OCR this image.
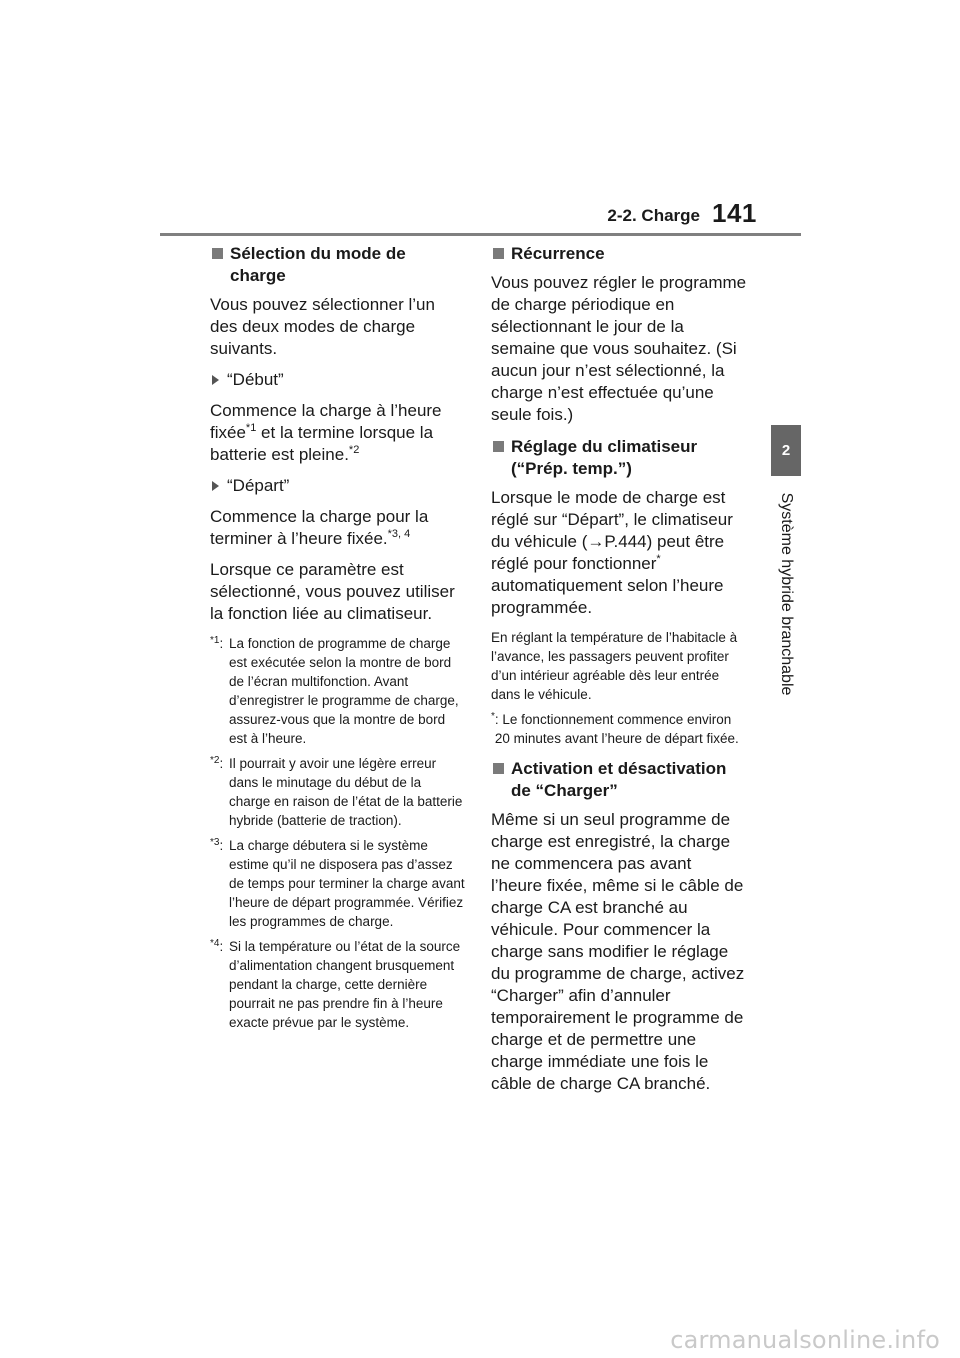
2-2. Charge 141
2
Système hybride branchable
Sélection du mode de charge

Vous pouvez sélectionner l’un des deux modes de charge suivants.

“Début”

Commence la charge à l’heure fixée$^{*1}$ et la termine lorsque la batterie est pleine.$^{*2}$

“Départ”

Commence la charge pour la terminer à l’heure fixée.$^{*3, 4}$

Lorsque ce paramètre est sélectionné, vous pouvez utiliser la fonction liée au climatiseur.

$^{*1}$: La fonction de programme de charge est exécutée selon la montre de bord de l’écran multifonction. Avant d’enregistrer le programme de charge, assurez-vous que la montre de bord est à l’heure.
$^{*2}$: Il pourrait y avoir une légère erreur dans le minutage du début de la charge en raison de l’état de la batterie hybride (batterie de traction).
$^{*3}$: La charge débutera si le système estime qu’il ne disposera pas d’assez de temps pour terminer la charge avant l’heure de départ programmée. Vérifiez les programmes de charge.
$^{*4}$: Si la température ou l’état de la source d’alimentation changent brusquement pendant la charge, cette dernière pourrait ne pas prendre fin à l’heure exacte prévue par le système.
Récurrence

Vous pouvez régler le programme de charge périodique en sélectionnant le jour de la semaine que vous souhaitez. (Si aucun jour n’est sélectionné, la charge n’est effectuée qu’une seule fois.)

Réglage du climatiseur (“Prép. temp.”)

Lorsque le mode de charge est réglé sur “Départ”, le climatiseur du véhicule (→P.444) peut être réglé pour fonctionner* automatiquement selon l’heure programmée.

En réglant la température de l’habitacle à l’avance, les passagers peuvent profiter d’un intérieur agréable dès leur entrée dans le véhicule.

* : Le fonctionnement commence environ 20 minutes avant l’heure de départ fixée.
Activation et désactivation de “Charger”

Même si un seul programme de charge est enregistré, la charge ne commencera pas avant l’heure fixée, même si le câble de charge CA est branché au véhicule. Pour commencer la charge sans modifier le réglage du programme de charge, activez “Charger” afin d’annuler temporairement le programme de charge et de permettre une charge immédiate une fois le câble de charge CA branché.

carmanualsonline.info
